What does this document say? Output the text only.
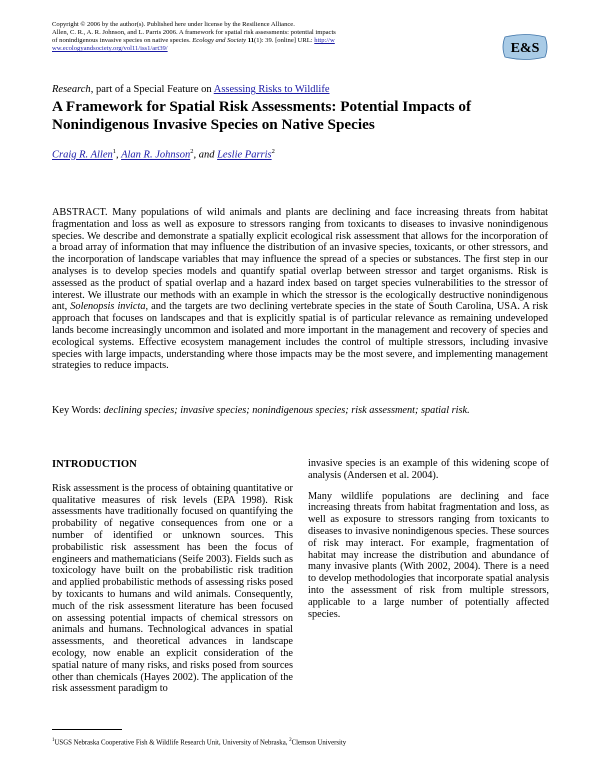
Copyright © 2006 by the author(s). Published here under license by the Resilience Alliance.
Allen, C. R., A. R. Johnson, and L. Parris 2006. A framework for spatial risk assessments: potential impacts
of nonindigenous invasive species on native species. Ecology and Society 11(1): 39. [online] URL: http://w
ww.ecologyandsociety.org/vol11/iss1/art39/	E&S
Research, part of a Special Feature on Assessing Risks to Wildlife
A Framework for Spatial Risk Assessments: Potential Impacts of Nonindigenous Invasive Species on Native Species
Craig R. Allen$^1$, Alan R. Johnson$^2$, and Leslie Parris$^2$

ABSTRACT. Many populations of wild animals and plants are declining and face increasing threats from habitat fragmentation and loss as well as exposure to stressors ranging from toxicants to diseases to invasive nonindigenous species. We describe and demonstrate a spatially explicit ecological risk assessment that allows for the incorporation of a broad array of information that may influence the distribution of an invasive species, toxicants, or other stressors, and the incorporation of landscape variables that may influence the spread of a species or substances. The first step in our analyses is to develop species models and quantify spatial overlap between stressor and target organisms. Risk is assessed as the product of spatial overlap and a hazard index based on target species vulnerabilities to the stressor of interest. We illustrate our methods with an example in which the stressor is the ecologically destructive nonindigenous ant, Solenopsis invicta, and the targets are two declining vertebrate species in the state of South Carolina, USA. A risk approach that focuses on landscapes and that is explicitly spatial is of particular relevance as remaining undeveloped lands become increasingly uncommon and isolated and more important in the management and recovery of species and ecological systems. Effective ecosystem management includes the control of multiple stressors, including invasive species with large impacts, understanding where those impacts may be the most severe, and implementing management strategies to reduce impacts.

Key Words: declining species; invasive species; nonindigenous species; risk assessment; spatial risk.

INTRODUCTION

Risk assessment is the process of obtaining quantitative or qualitative measures of risk levels (EPA 1998). Risk assessments have traditionally focused on quantifying the probability of negative consequences from one or a number of identified or unknown sources. This probabilistic risk assessment has been the focus of engineers and mathematicians (Seife 2003). Fields such as toxicology have built on the probabilistic risk tradition and applied probabilistic methods of assessing risks posed by toxicants to humans and wild animals. Consequently, much of the risk assessment literature has been focused on assessing potential impacts of chemical stressors on animals and humans. Technological advances in spatial assessments, and theoretical advances in landscape ecology, now enable an explicit consideration of the spatial nature of many risks, and risks posed from sources other than chemicals (Hayes 2002). The application of the risk assessment paradigm to

invasive species is an example of this widening scope of analysis (Andersen et al. 2004).

Many wildlife populations are declining and face increasing threats from habitat fragmentation and loss, as well as exposure to stressors ranging from toxicants to diseases to invasive nonindigenous species. These sources of risk may interact. For example, fragmentation of habitat may increase the distribution and abundance of many invasive plants (With 2002, 2004). There is a need to develop methodologies that incorporate spatial analysis into the assessment of risk from multiple stressors, applicable to a large number of potentially affected species.

$^1$USGS Nebraska Cooperative Fish & Wildlife Research Unit, University of Nebraska, $^2$Clemson University
